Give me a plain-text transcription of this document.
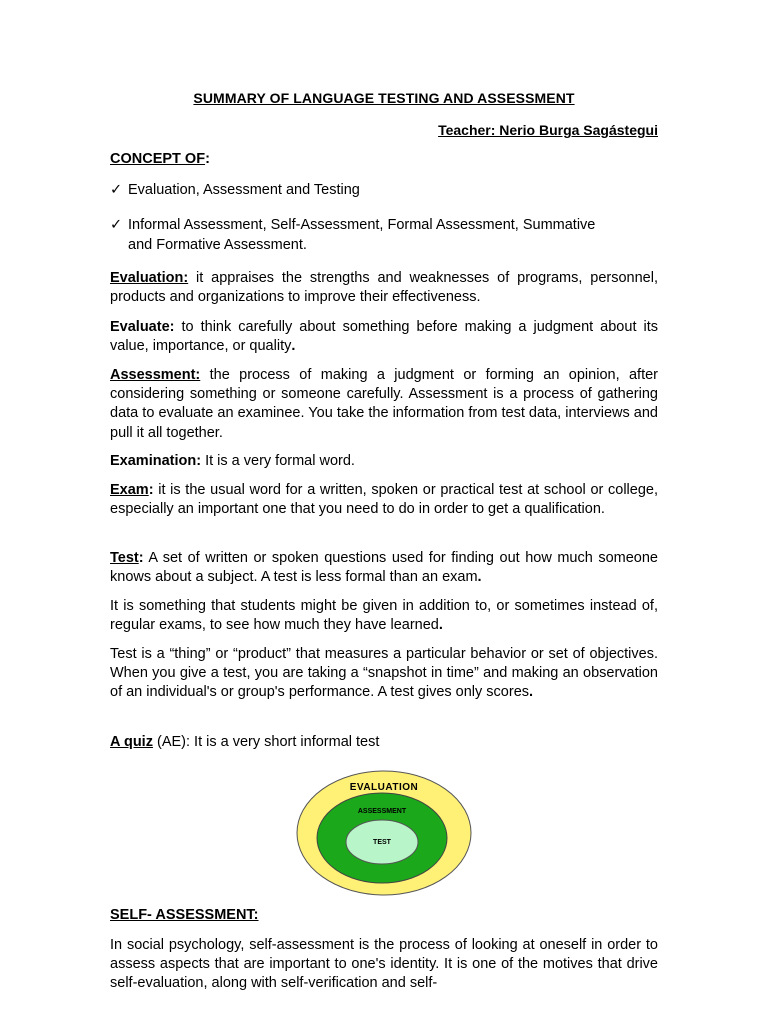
SUMMARY OF LANGUAGE TESTING AND ASSESSMENT
Teacher: Nerio Burga Sagástegui
CONCEPT OF:
✓ Evaluation, Assessment and Testing
✓ Informal Assessment, Self-Assessment, Formal Assessment, Summative
and Formative Assessment.
Evaluation: it appraises the strengths and weaknesses of programs, personnel, products and organizations to improve their effectiveness.
Evaluate: to think carefully about something before making a judgment about its value, importance, or quality.
Assessment: the process of making a judgment or forming an opinion, after considering something or someone carefully. Assessment is a process of gathering data to evaluate an examinee. You take the information from test data, interviews and pull it all together.
Examination: It is a very formal word.
Exam: it is the usual word for a written, spoken or practical test at school or college, especially an important one that you need to do in order to get a qualification.
Test: A set of written or spoken questions used for finding out how much someone knows about a subject. A test is less formal than an exam.
It is something that students might be given in addition to, or sometimes instead of, regular exams, to see how much they have learned.
Test is a “thing” or “product” that measures a particular behavior or set of objectives. When you give a test, you are taking a “snapshot in time” and making an observation of an individual's or group's performance. A test gives only scores.
A quiz (AE): It is a very short informal test
EVALUATION
ASSESSMENT
TEST
SELF- ASSESSMENT:
In social psychology, self-assessment is the process of looking at oneself in order to assess aspects that are important to one's identity. It is one of the motives that drive self-evaluation, along with self-verification and self-
